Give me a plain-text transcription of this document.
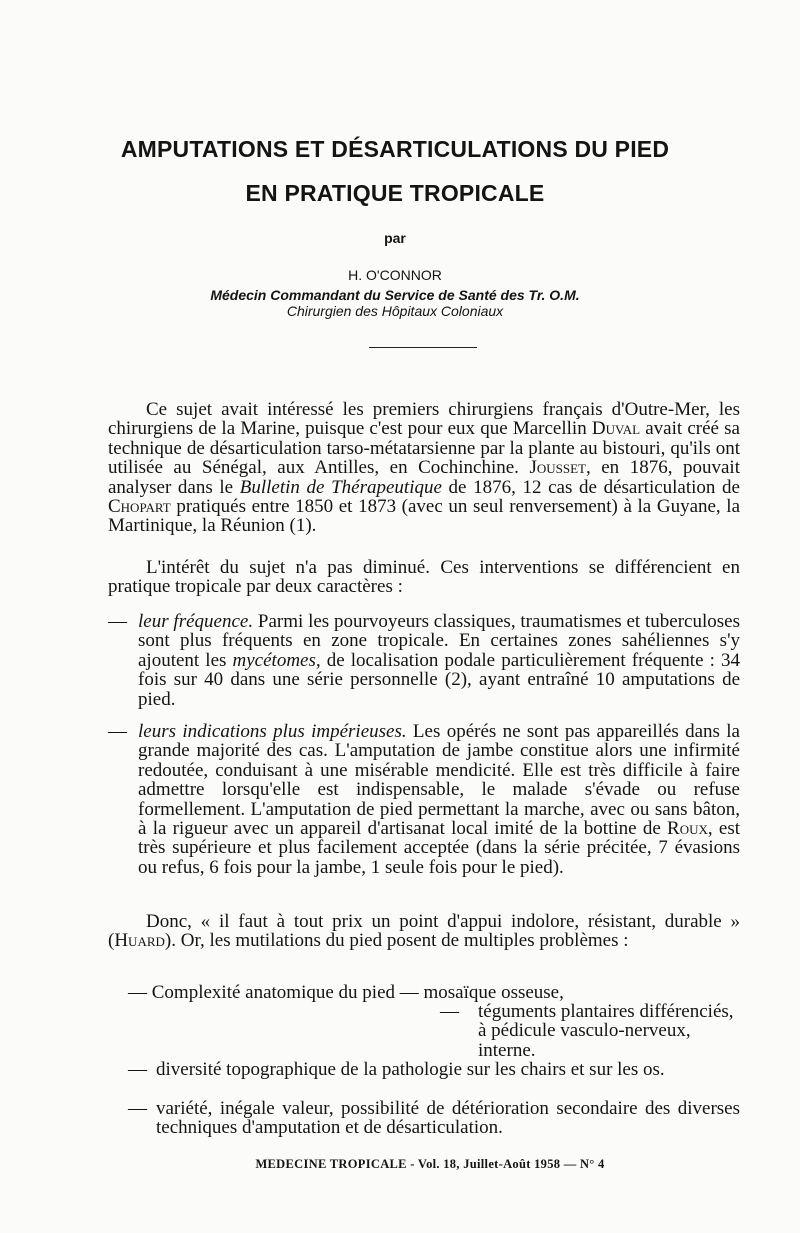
AMPUTATIONS ET DÉSARTICULATIONS DU PIED
EN PRATIQUE TROPICALE
par
H. O'CONNOR
Médecin Commandant du Service de Santé des Tr. O.M.
Chirurgien des Hôpitaux Coloniaux

Ce sujet avait intéressé les premiers chirurgiens français d'Outre-Mer, les chirurgiens de la Marine, puisque c'est pour eux que Marcellin Duval avait créé sa technique de désarticulation tarso-métatarsienne par la plante au bistouri, qu'ils ont utilisée au Sénégal, aux Antilles, en Cochinchine. Jousset, en 1876, pouvait analyser dans le Bulletin de Thérapeutique de 1876, 12 cas de désarticulation de Chopart pratiqués entre 1850 et 1873 (avec un seul renversement) à la Guyane, la Martinique, la Réunion (1).

L'intérêt du sujet n'a pas diminué. Ces interventions se différencient en pratique tropicale par deux caractères :

— leur fréquence. Parmi les pourvoyeurs classiques, traumatismes et tuberculoses sont plus fréquents en zone tropicale. En certaines zones sahéliennes s'y ajoutent les mycétomes, de localisation podale particulièrement fréquente : 34 fois sur 40 dans une série personnelle (2), ayant entraîné 10 amputations de pied.
— leurs indications plus impérieuses. Les opérés ne sont pas appareillés dans la grande majorité des cas. L'amputation de jambe constitue alors une infirmité redoutée, conduisant à une misérable mendicité. Elle est très difficile à faire admettre lorsqu'elle est indispensable, le malade s'évade ou refuse formellement. L'amputation de pied permettant la marche, avec ou sans bâton, à la rigueur avec un appareil d'artisanat local imité de la bottine de Roux, est très supérieure et plus facilement acceptée (dans la série précitée, 7 évasions ou refus, 6 fois pour la jambe, 1 seule fois pour le pied).

Donc, « il faut à tout prix un point d'appui indolore, résistant, durable » (Huard). Or, les mutilations du pied posent de multiples problèmes :

— Complexité anatomique du pied — mosaïque osseuse,
— téguments plantaires différenciés, à pédicule vasculo-nerveux, interne.
— diversité topographique de la pathologie sur les chairs et sur les os.
— variété, inégale valeur, possibilité de détérioration secondaire des diverses techniques d'amputation et de désarticulation.
MEDECINE TROPICALE - Vol. 18, Juillet-Août 1958 — N° 4
